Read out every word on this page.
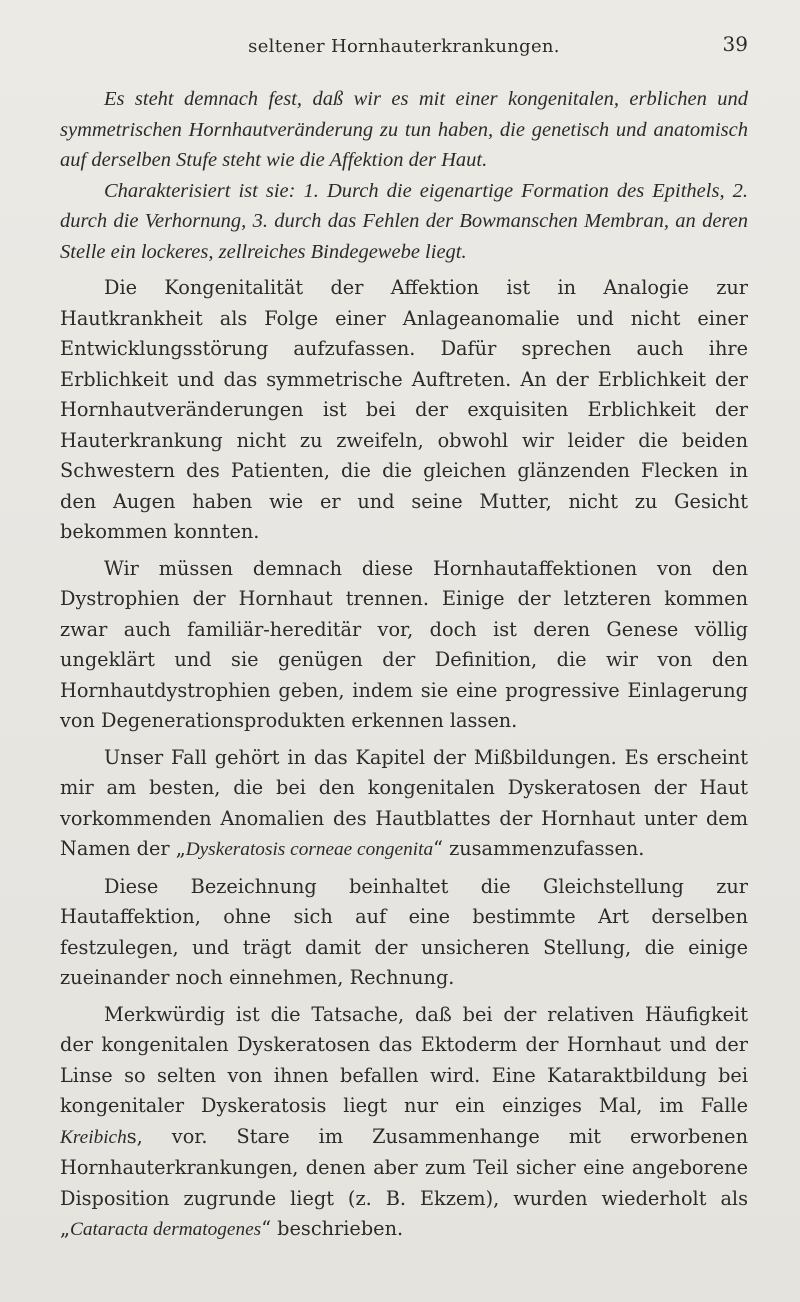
seltener Hornhauterkrankungen.	39

Es steht demnach fest, daß wir es mit einer kongenitalen, erblichen und symmetrischen Hornhautveränderung zu tun haben, die genetisch und anatomisch auf derselben Stufe steht wie die Affektion der Haut.

Charakterisiert ist sie: 1. Durch die eigenartige Formation des Epithels, 2. durch die Verhornung, 3. durch das Fehlen der Bowmanschen Membran, an deren Stelle ein lockeres, zellreiches Bindegewebe liegt.

Die Kongenitalität der Affektion ist in Analogie zur Hautkrankheit als Folge einer Anlageanomalie und nicht einer Entwicklungsstörung aufzufassen. Dafür sprechen auch ihre Erblichkeit und das symmetrische Auftreten. An der Erblichkeit der Hornhautveränderungen ist bei der exquisiten Erblichkeit der Hauterkrankung nicht zu zweifeln, obwohl wir leider die beiden Schwestern des Patienten, die die gleichen glänzenden Flecken in den Augen haben wie er und seine Mutter, nicht zu Gesicht bekommen konnten.

Wir müssen demnach diese Hornhautaffektionen von den Dystrophien der Hornhaut trennen. Einige der letzteren kommen zwar auch familiär-hereditär vor, doch ist deren Genese völlig ungeklärt und sie genügen der Definition, die wir von den Hornhautdystrophien geben, indem sie eine progressive Einlagerung von Degenerationsprodukten erkennen lassen.

Unser Fall gehört in das Kapitel der Mißbildungen. Es erscheint mir am besten, die bei den kongenitalen Dyskeratosen der Haut vorkommenden Anomalien des Hautblattes der Hornhaut unter dem Namen der „Dyskeratosis corneae congenita“ zusammenzufassen.

Diese Bezeichnung beinhaltet die Gleichstellung zur Hautaffektion, ohne sich auf eine bestimmte Art derselben festzulegen, und trägt damit der unsicheren Stellung, die einige zueinander noch einnehmen, Rechnung.

Merkwürdig ist die Tatsache, daß bei der relativen Häufigkeit der kongenitalen Dyskeratosen das Ektoderm der Hornhaut und der Linse so selten von ihnen befallen wird. Eine Kataraktbildung bei kongenitaler Dyskeratosis liegt nur ein einziges Mal, im Falle Kreibichs, vor. Stare im Zusammenhange mit erworbenen Hornhauterkrankungen, denen aber zum Teil sicher eine angeborene Disposition zugrunde liegt (z. B. Ekzem), wurden wiederholt als „Cataracta dermatogenes“ beschrieben.
